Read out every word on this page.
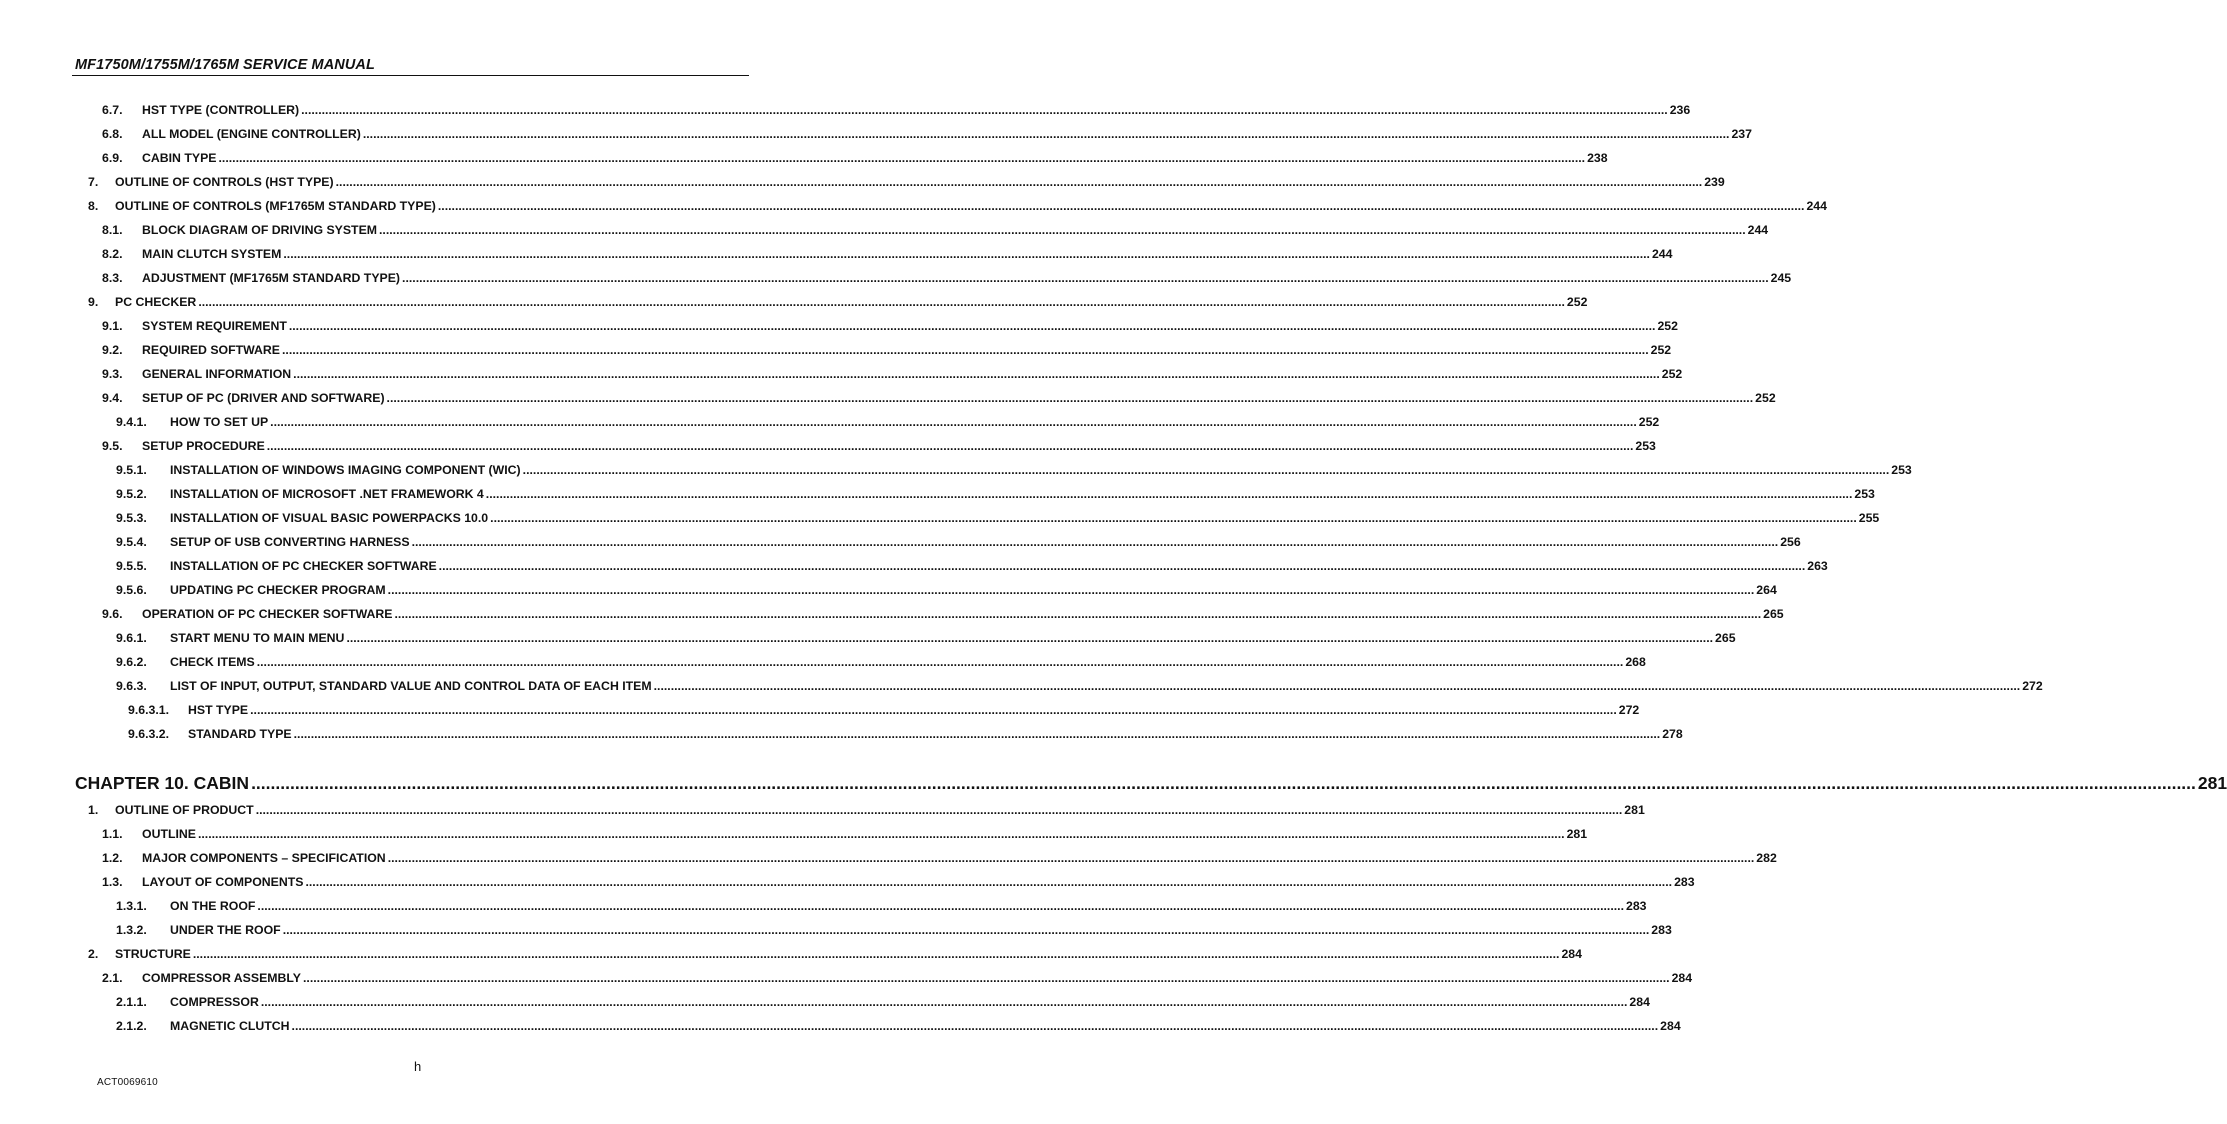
MF1750M/1755M/1765M SERVICE MANUAL
6.7. HST TYPE (CONTROLLER) ................................................................................................................................................................................................................................................................................................................................................................................................................ 236
6.8. ALL MODEL (ENGINE CONTROLLER) ................................................................................................................................................................................................................................................................................................................................................................................................................ 237
6.9. CABIN TYPE ................................................................................................................................................................................................................................................................................................................................................................................................................ 238
7. OUTLINE OF CONTROLS (HST TYPE) ................................................................................................................................................................................................................................................................................................................................................................................................................ 239
8. OUTLINE OF CONTROLS (MF1765M STANDARD TYPE) ................................................................................................................................................................................................................................................................................................................................................................................................................ 244
8.1. BLOCK DIAGRAM OF DRIVING SYSTEM ................................................................................................................................................................................................................................................................................................................................................................................................................ 244
8.2. MAIN CLUTCH SYSTEM ................................................................................................................................................................................................................................................................................................................................................................................................................ 244
8.3. ADJUSTMENT (MF1765M STANDARD TYPE) ................................................................................................................................................................................................................................................................................................................................................................................................................ 245
9. PC CHECKER ................................................................................................................................................................................................................................................................................................................................................................................................................ 252
9.1. SYSTEM REQUIREMENT ................................................................................................................................................................................................................................................................................................................................................................................................................ 252
9.2. REQUIRED SOFTWARE ................................................................................................................................................................................................................................................................................................................................................................................................................ 252
9.3. GENERAL INFORMATION ................................................................................................................................................................................................................................................................................................................................................................................................................ 252
9.4. SETUP OF PC (DRIVER AND SOFTWARE) ................................................................................................................................................................................................................................................................................................................................................................................................................ 252
9.4.1. HOW TO SET UP ................................................................................................................................................................................................................................................................................................................................................................................................................ 252
9.5. SETUP PROCEDURE ................................................................................................................................................................................................................................................................................................................................................................................................................ 253
9.5.1. INSTALLATION OF WINDOWS IMAGING COMPONENT (WIC) ................................................................................................................................................................................................................................................................................................................................................................................................................ 253
9.5.2. INSTALLATION OF MICROSOFT .NET FRAMEWORK 4 ................................................................................................................................................................................................................................................................................................................................................................................................................ 253
9.5.3. INSTALLATION OF VISUAL BASIC POWERPACKS 10.0 ................................................................................................................................................................................................................................................................................................................................................................................................................ 255
9.5.4. SETUP OF USB CONVERTING HARNESS ................................................................................................................................................................................................................................................................................................................................................................................................................ 256
9.5.5. INSTALLATION OF PC CHECKER SOFTWARE ................................................................................................................................................................................................................................................................................................................................................................................................................ 263
9.5.6. UPDATING PC CHECKER PROGRAM ................................................................................................................................................................................................................................................................................................................................................................................................................ 264
9.6. OPERATION OF PC CHECKER SOFTWARE ................................................................................................................................................................................................................................................................................................................................................................................................................ 265
9.6.1. START MENU TO MAIN MENU ................................................................................................................................................................................................................................................................................................................................................................................................................ 265
9.6.2. CHECK ITEMS ................................................................................................................................................................................................................................................................................................................................................................................................................ 268
9.6.3. LIST OF INPUT, OUTPUT, STANDARD VALUE AND CONTROL DATA OF EACH ITEM ................................................................................................................................................................................................................................................................................................................................................................................................................ 272
9.6.3.1. HST TYPE ................................................................................................................................................................................................................................................................................................................................................................................................................ 272
9.6.3.2. STANDARD TYPE ................................................................................................................................................................................................................................................................................................................................................................................................................ 278
CHAPTER 10. CABIN ................................................................................................................................................................................................................................................................................................................................................................................................................ 281
1. OUTLINE OF PRODUCT ................................................................................................................................................................................................................................................................................................................................................................................................................ 281
1.1. OUTLINE ................................................................................................................................................................................................................................................................................................................................................................................................................ 281
1.2. MAJOR COMPONENTS – SPECIFICATION ................................................................................................................................................................................................................................................................................................................................................................................................................ 282
1.3. LAYOUT OF COMPONENTS ................................................................................................................................................................................................................................................................................................................................................................................................................ 283
1.3.1. ON THE ROOF ................................................................................................................................................................................................................................................................................................................................................................................................................ 283
1.3.2. UNDER THE ROOF ................................................................................................................................................................................................................................................................................................................................................................................................................ 283
2. STRUCTURE ................................................................................................................................................................................................................................................................................................................................................................................................................ 284
2.1. COMPRESSOR ASSEMBLY ................................................................................................................................................................................................................................................................................................................................................................................................................ 284
2.1.1. COMPRESSOR ................................................................................................................................................................................................................................................................................................................................................................................................................ 284
2.1.2. MAGNETIC CLUTCH ................................................................................................................................................................................................................................................................................................................................................................................................................ 284
h
ACT0069610
